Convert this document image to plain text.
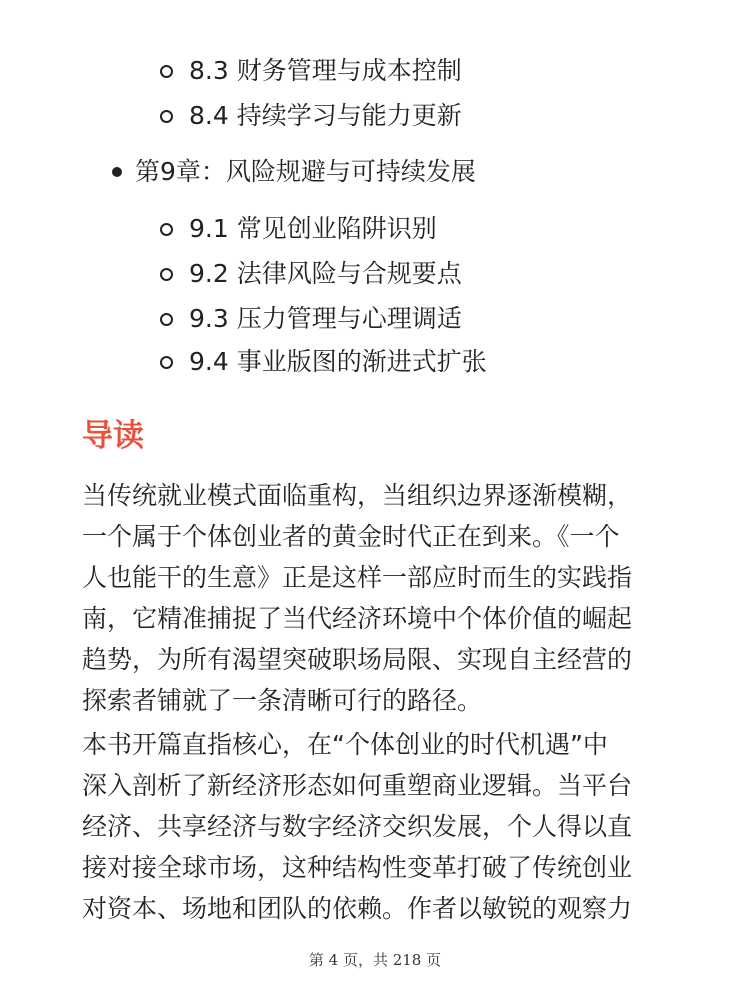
8.3 财务管理与成本控制
8.4 持续学习与能力更新
第9章：风险规避与可持续发展
9.1 常见创业陷阱识别
9.2 法律风险与合规要点
9.3 压力管理与心理调适
9.4 事业版图的渐进式扩张
导读
当传统就业模式面临重构，当组织边界逐渐模糊，
一个属于个体创业者的黄金时代正在到来。《一个
人也能干的生意》正是这样一部应时而生的实践指
南，它精准捕捉了当代经济环境中个体价值的崛起
趋势，为所有渴望突破职场局限、实现自主经营的
探索者铺就了一条清晰可行的路径。
本书开篇直指核心，在“个体创业的时代机遇”中
深入剖析了新经济形态如何重塑商业逻辑。当平台
经济、共享经济与数字经济交织发展，个人得以直
接对接全球市场，这种结构性变革打破了传统创业
对资本、场地和团队的依赖。作者以敏锐的观察力
第 4 页，共 218 页
